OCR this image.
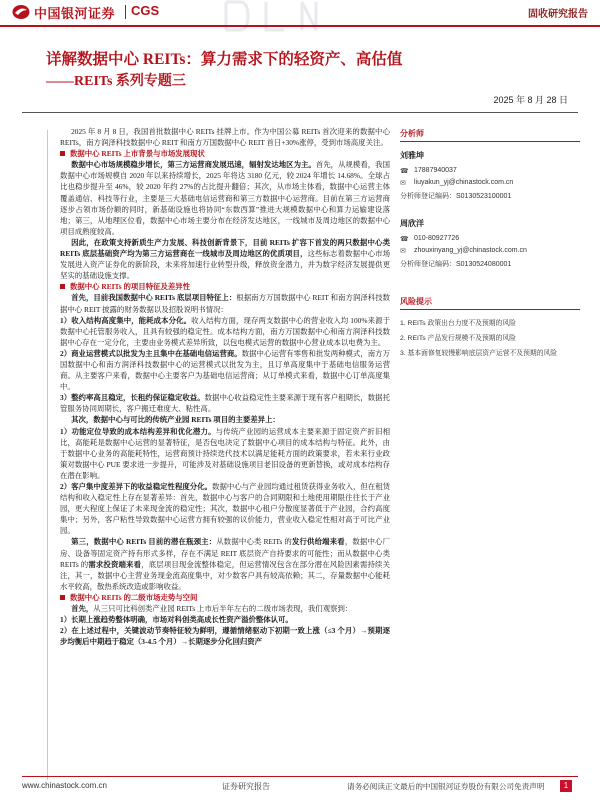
中国银河证券 CGS	固收研究报告
详解数据中心 REITs：算力需求下的轻资产、高估值
——REITs 系列专题三
2025 年 8 月 28 日

2025 年 8 月 8 日，我国首批数据中心 REITs 挂牌上市。作为中国公募 REITs 首次迎来的数据中心 REITs，南方润泽科技数据中心 REIT 和南方万国数据中心 REIT 首日+30%涨停，受到市场高度关注。

数据中心 REITs 上市背景与市场发展现状

数据中心市场规模稳步增长，第三方运营商发展迅速，辐射发达地区为主。首先，从规模看，我国数据中心市场规模自 2020 年以来持续增长，2025 年将达 3180 亿元，较 2024 年增长 14.68%。全球占比也稳步提升至 46%，较 2020 年约 27%的占比提升翻倍；其次，从市场主体看，数据中心运营主体覆盖通信、科技等行业，主要是三大基础电信运营商和第三方数据中心运营商。目前在第三方运营商逐步占领市场份额的同时，新基础设施也将协同“东数西算”推进大规模数据中心和算力运输建设落地；第三，从地理区位看，数据中心市场主要分布在经济发达地区，一线城市及周边地区的数据中心项目成熟度较高。

因此，在政策支持新质生产力发展、科技创新背景下，目前 REITs 扩容下首发的两只数据中心类 REITs 底层基础资产均为第三方运营商在一线城市及周边地区的优质项目，这些标志着数据中心市场发展进入资产证券化的新阶段，未来将加速行业转型升级，释放资金潜力，并为数字经济发展提供更坚实的基础设施支撑。

数据中心 REITs 的项目特征及差异性

首先，目前我国数据中心 REITs 底层项目特征上：根据南方万国数据中心 REIT 和南方润泽科技数据中心 REIT 披露的财务数据以及招股说明书情况：

1）收入结构高度集中，能耗成本分化。收入结构方面，现存两支数据中心的营业收入均 100%来源于数据中心托管服务收入，且具有较强的稳定性。成本结构方面，南方万国数据中心和南方润泽科技数据中心存在一定分化，主要由业务模式差异所致，以包电模式运营的数据中心营业成本以电费为主。

2）商业运营模式以批发为主且集中在基础电信运营商。数据中心运营有零售和批发两种模式，南方万国数据中心和南方润泽科技数据中心的运营模式以批发为主，且订单高度集中于基础电信服务运营商。从主要客户来看，数据中心主要客户为基础电信运营商；从订单模式来看，数据中心订单高度集中。

3）整约率高且稳定，长租约保证稳定收益。数据中心收益稳定性主要来源于现有客户租期长，数据托管服务协同周期长，客户搬迁难度大、粘性高。

其次，数据中心与可比的传统产业园 REITs 项目的主要差异上：

1）功能定位导致的成本结构差异和优化潜力。与传统产业园的运营成本主要来源于固定资产折旧相比，高能耗是数据中心运营的显著特征，是否包电决定了数据中心项目的成本结构与特征。此外，由于数据中心业务的高能耗特性，运营商预计持续迭代技术以满足能耗方面的政策要求，若未来行业政策对数据中心 PUE 要求进一步提升，可能涉及对基础设施项目老旧设备的更新替换，或对成本结构存在潜在影响。

2）客户集中度差异下的收益稳定性程度分化。数据中心与产业园均通过租赁获得业务收入，但在租赁结构和收入稳定性上存在显著差异：首先，数据中心与客户的合同期限和土地使用期限往往长于产业园，更大程度上保证了未来现金流的稳定性；其次，数据中心租户分散度显著低于产业园，合约高度集中；另外，客户粘性导致数据中心运营方拥有较强的议价能力，营业收入稳定性相对高于可比产业园。

第三，数据中心 REITs 目前的潜在瓶颈主：从数据中心类 REITs 的发行供给端来看，数据中心厂房、设备等固定资产持有形式多样，存在不满足 REIT 底层资产自持要求的可能性；而从数据中心类 REITs 的需求投资端来看，底层项目现金流整体稳定，但运营情况包含在部分潜在风险因素需持续关注，其一，数据中心主营业务现金流高度集中，对少数客户具有较高依赖；其二，存量数据中心能耗水平较高，散热系统改造或影响收益。

数据中心 REITs 的二级市场走势与空间

首先，从三只可比科创类产业园 REITs 上市后半年左右的二级市场表现，我们观察到：

1）长期上涨趋势整体明确，市场对科创类高成长性资产溢价整体认可。

2）在上述过程中，关键波动节奏特征较为鲜明，遵循情绪驱动下初期一致上涨（≤3 个月）→预期逐步均衡后中期趋于稳定（3-4.5 个月）→长期逐步分化回归资产

分析师
刘雅坤
☎ 17887940037
✉ liuyakun_yj@chinastock.com.cn
分析师登记编码：S0130523100001
周欣洋
☎ 010-80927726
✉ zhouxinyang_yj@chinastock.com.cn
分析师登记编码：S0130524080001
风险提示
1. REITs 政策出台力度不及预期的风险
2. REITs 产品发行规模不及预期的风险
3. 基本面修复较慢影响底层资产运营不及预期的风险
www.chinastock.com.cn	证券研究报告	请务必阅读正文最后的中国银河证券股份有限公司免责声明	1
